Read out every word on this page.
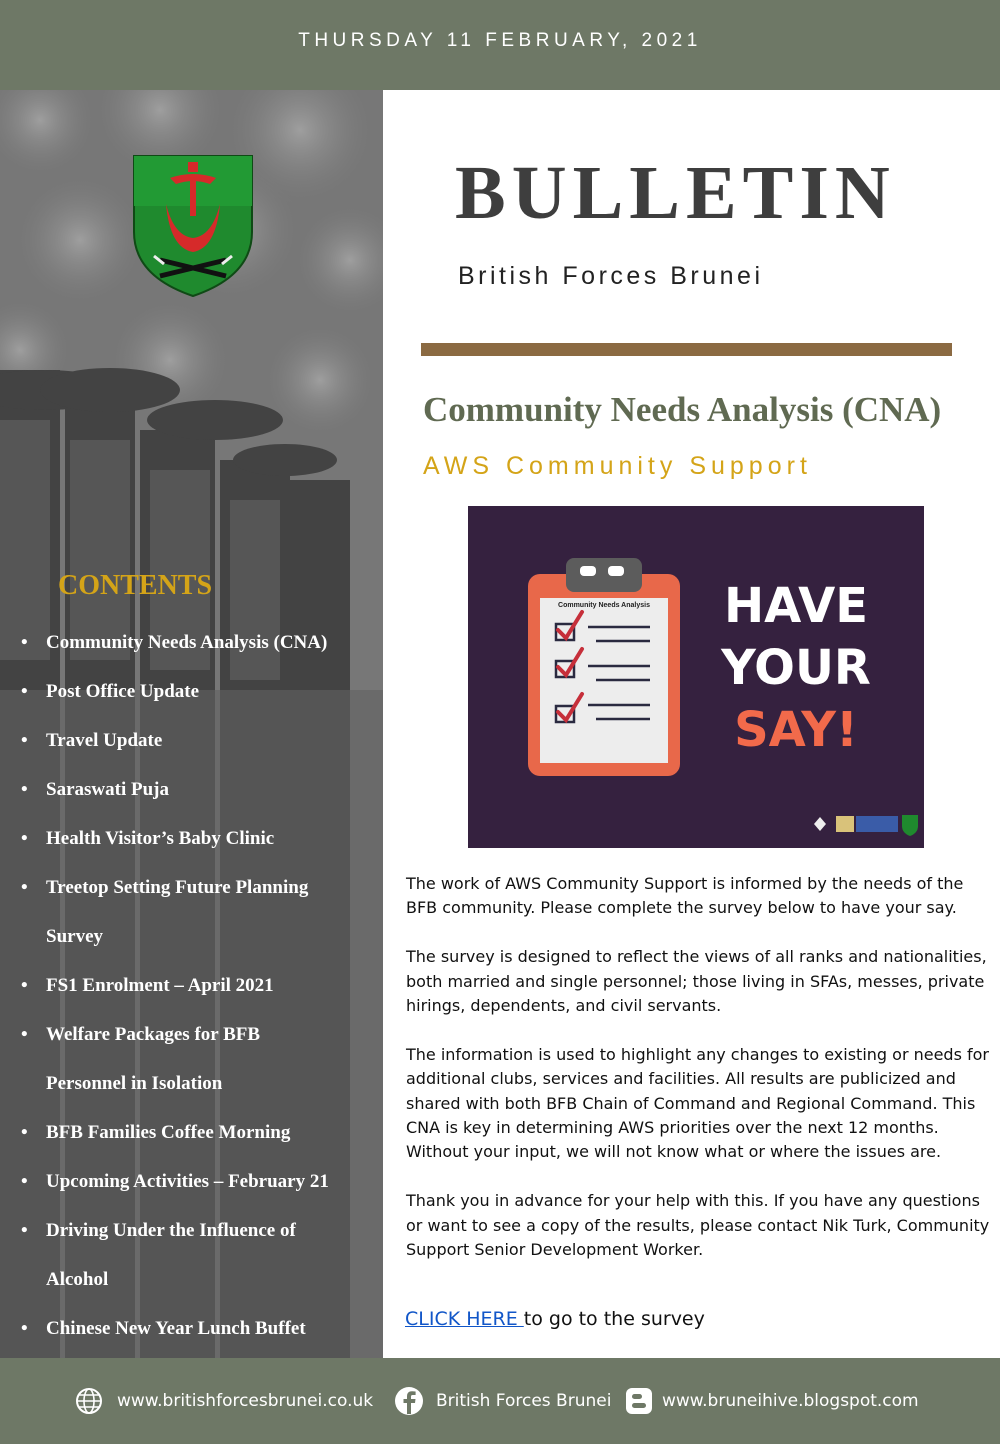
THURSDAY 11 FEBRUARY, 2021
CONTENTS
• Community Needs Analysis (CNA)
• Post Office Update
• Travel Update
• Saraswati Puja
• Health Visitor’s Baby Clinic
• Treetop Setting Future Planning
Survey
• FS1 Enrolment – April 2021
• Welfare Packages for BFB
Personnel in Isolation
• BFB Families Coffee Morning
• Upcoming Activities – February 21
• Driving Under the Influence of
Alcohol
• Chinese New Year Lunch Buffet
BULLETIN
British Forces Brunei
Community Needs Analysis (CNA)
AWS Community Support
Community Needs Analysis HAVE
YOUR
SAY!

The work of AWS Community Support is informed by the needs of the BFB community. Please complete the survey below to have your say.

The survey is designed to reflect the views of all ranks and nationalities, both married and single personnel; those living in SFAs, messes, private hirings, dependents, and civil servants.

The information is used to highlight any changes to existing or needs for additional clubs, services and facilities. All results are publicized and shared with both BFB Chain of Command and Regional Command. This CNA is key in determining AWS priorities over the next 12 months. Without your input, we will not know what or where the issues are.

Thank you in advance for your help with this. If you have any questions or want to see a copy of the results, please contact Nik Turk, Community Support Senior Development Worker.

CLICK HERE to go to the survey
www.britishforcesbrunei.co.uk	British Forces Brunei	www.bruneihive.blogspot.com
